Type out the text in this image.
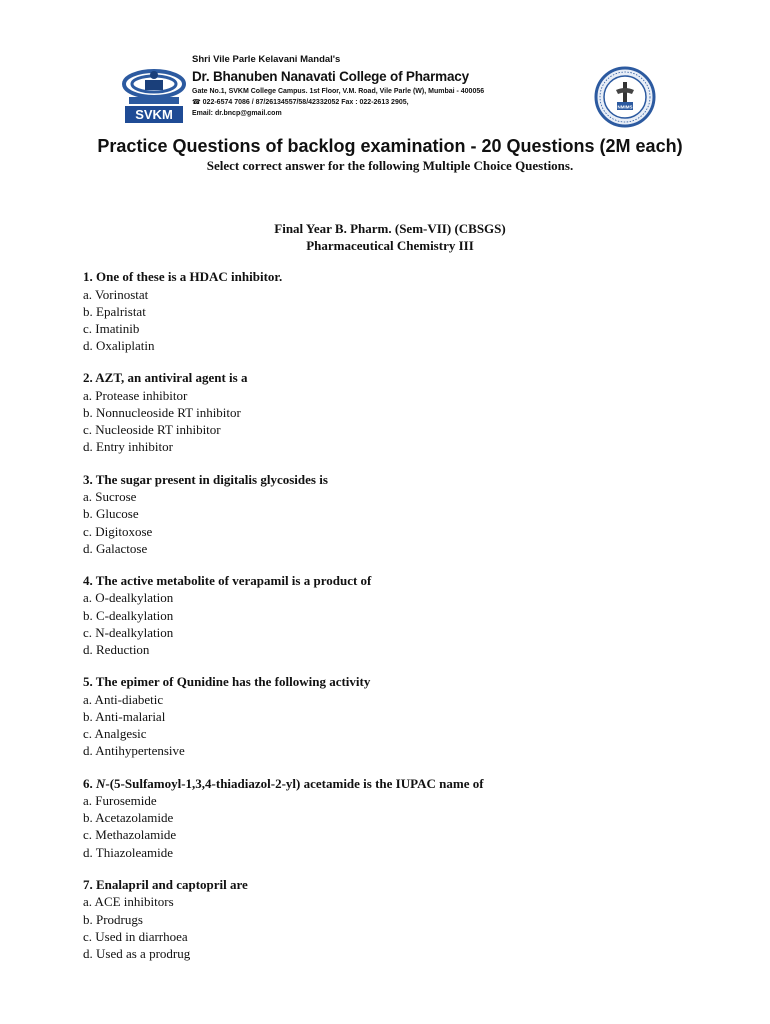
SVKM
Shri Vile Parle Kelavani Mandal's
Dr. Bhanuben Nanavati College of Pharmacy
Gate No.1, SVKM College Campus. 1st Floor, V.M. Road, Vile Parle (W), Mumbai - 400056
☎ 022-6574 7086 / 87/26134557/58/42332052 Fax : 022-2613 2905,
Email: dr.bncp@gmail.com
NMIMS
Practice Questions of backlog examination - 20 Questions (2M each)
Select correct answer for the following Multiple Choice Questions.
Final Year B. Pharm. (Sem-VII) (CBSGS)
Pharmaceutical Chemistry III
1. One of these is a HDAC inhibitor.
a. Vorinostat
b. Epalristat
c. Imatinib
d. Oxaliplatin
2. AZT, an antiviral agent is a
a. Protease inhibitor
b. Nonnucleoside RT inhibitor
c. Nucleoside RT inhibitor
d. Entry inhibitor
3. The sugar present in digitalis glycosides is
a. Sucrose
b. Glucose
c. Digitoxose
d. Galactose
4. The active metabolite of verapamil is a product of
a. O-dealkylation
b. C-dealkylation
c. N-dealkylation
d. Reduction
5. The epimer of Qunidine has the following activity
a. Anti-diabetic
b. Anti-malarial
c. Analgesic
d. Antihypertensive
6. N-(5-Sulfamoyl-1,3,4-thiadiazol-2-yl) acetamide is the IUPAC name of
a. Furosemide
b. Acetazolamide
c. Methazolamide
d. Thiazoleamide
7. Enalapril and captopril are
a. ACE inhibitors
b. Prodrugs
c. Used in diarrhoea
d. Used as a prodrug
